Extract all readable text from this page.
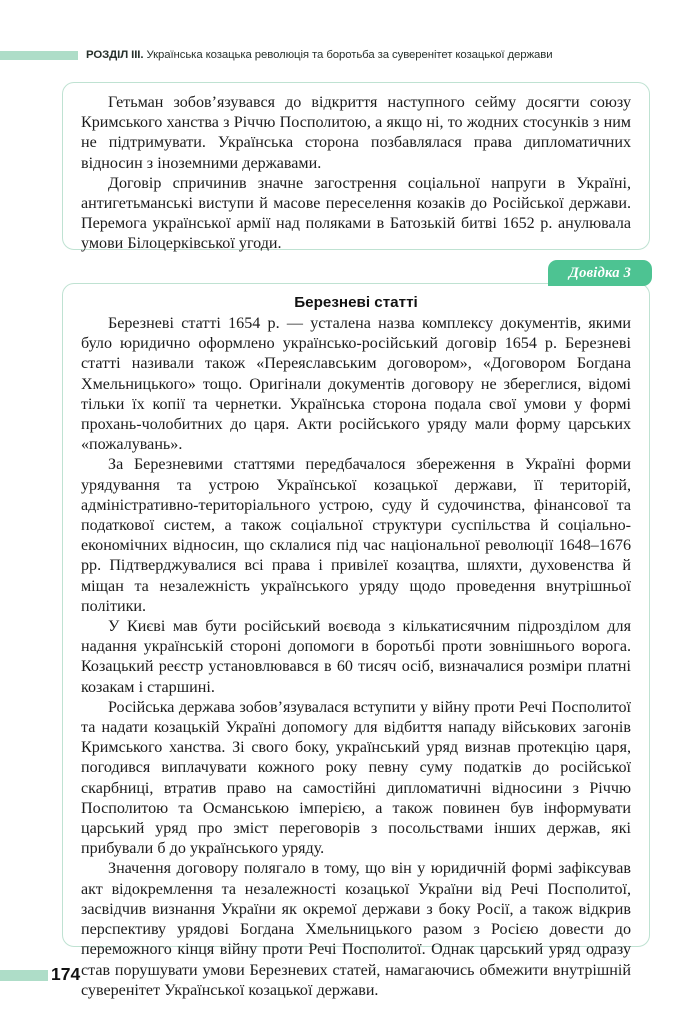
РОЗДІЛ III. Українська козацька революція та боротьба за суверенітет козацької держави

Гетьман зобов’язувався до відкриття наступного сейму досягти союзу Кримського ханства з Річчю Посполитою, а якщо ні, то жодних стосунків з ним не підтримувати. Українська сторона позбавлялася права дипломатичних відносин з іноземними державами.

Договір спричинив значне загострення соціальної напруги в Україні, антигетьманські виступи й масове переселення козаків до Російської держави. Перемога української армії над поляками в Батозькій битві 1652 р. анулювала умови Білоцерківської угоди.

Довідка 3
Березневі статті

Березневі статті 1654 р. — усталена назва комплексу документів, якими було юридично оформлено українсько-російський договір 1654 р. Березневі статті називали також «Переяславським договором», «Договором Богдана Хмельницького» тощо. Оригінали документів договору не збереглися, відомі тільки їх копії та чернетки. Українська сторона подала свої умови у формі прохань-чолобитних до царя. Акти російського уряду мали форму царських «пожалувань».

За Березневими статтями передбачалося збереження в Україні форми урядування та устрою Української козацької держави, її територій, адміністративно-територіального устрою, суду й судочинства, фінансової та податкової систем, а також соціальної структури суспільства й соціально-економічних відносин, що склалися під час національної революції 1648–1676 рр. Підтверджувалися всі права і привілеї козацтва, шляхти, духовенства й міщан та незалежність українського уряду щодо проведення внутрішньої політики.

У Києві мав бути російський воєвода з кількатисячним підрозділом для надання українській стороні допомоги в боротьбі проти зовнішнього ворога. Козацький реєстр установлювався в 60 тисяч осіб, визначалися розміри платні козакам і старшині.

Російська держава зобов’язувалася вступити у війну проти Речі Посполитої та надати козацькій Україні допомогу для відбиття нападу військових загонів Кримського ханства. Зі свого боку, український уряд визнав протекцію царя, погодився виплачувати кожного року певну суму податків до російської скарбниці, втратив право на самостійні дипломатичні відносини з Річчю Посполитою та Османською імперією, а також повинен був інформувати царський уряд про зміст переговорів з посольствами інших держав, які прибували б до українського уряду.

Значення договору полягало в тому, що він у юридичній формі зафіксував акт відокремлення та незалежності козацької України від Речі Посполитої, засвідчив визнання України як окремої держави з боку Росії, а також відкрив перспективу урядові Богдана Хмельницького разом з Росією довести до переможного кінця війну проти Речі Посполитої. Однак царський уряд одразу став порушувати умови Березневих статей, намагаючись обмежити внутрішній суверенітет Української козацької держави.

174
